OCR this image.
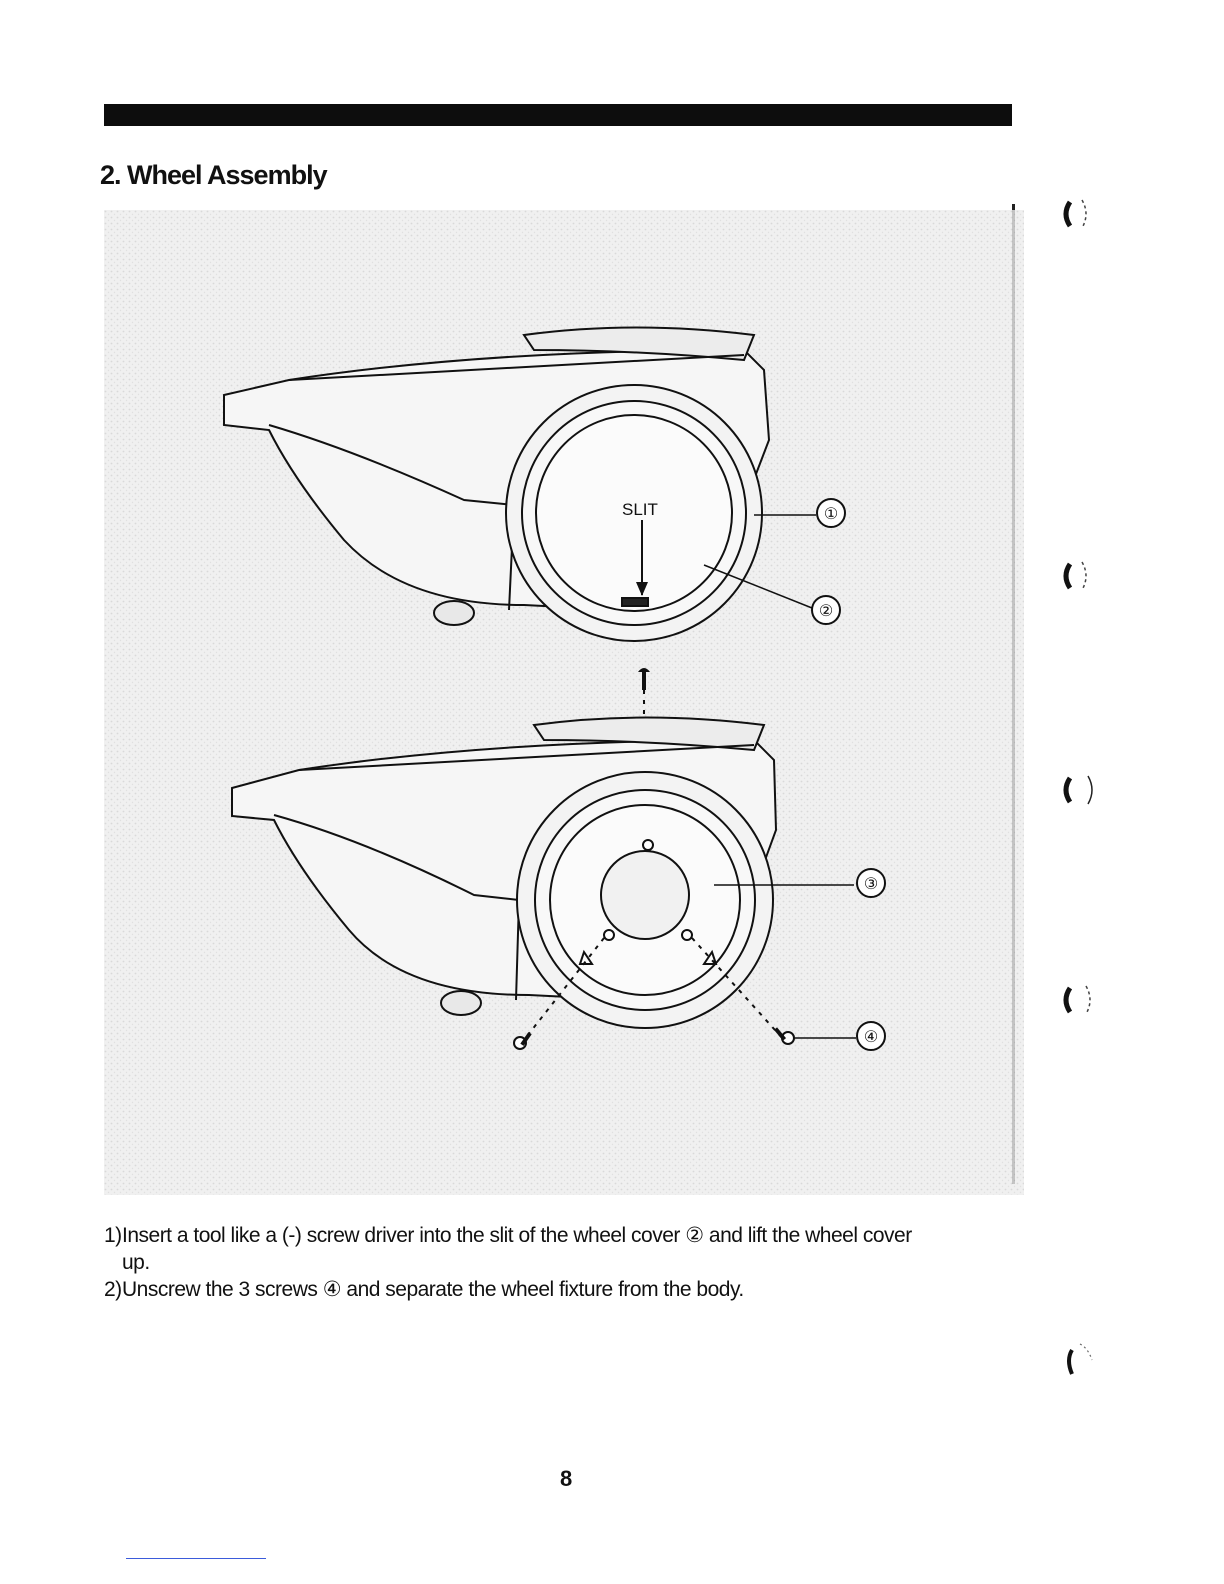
2. Wheel Assembly
SLIT	①
②
③
④
1) Insert a tool like a (-) screw driver into the slit of the wheel cover ② and lift the wheel cover
up.
2) Unscrew the 3 screws ④ and separate the wheel fixture from the body.
8
